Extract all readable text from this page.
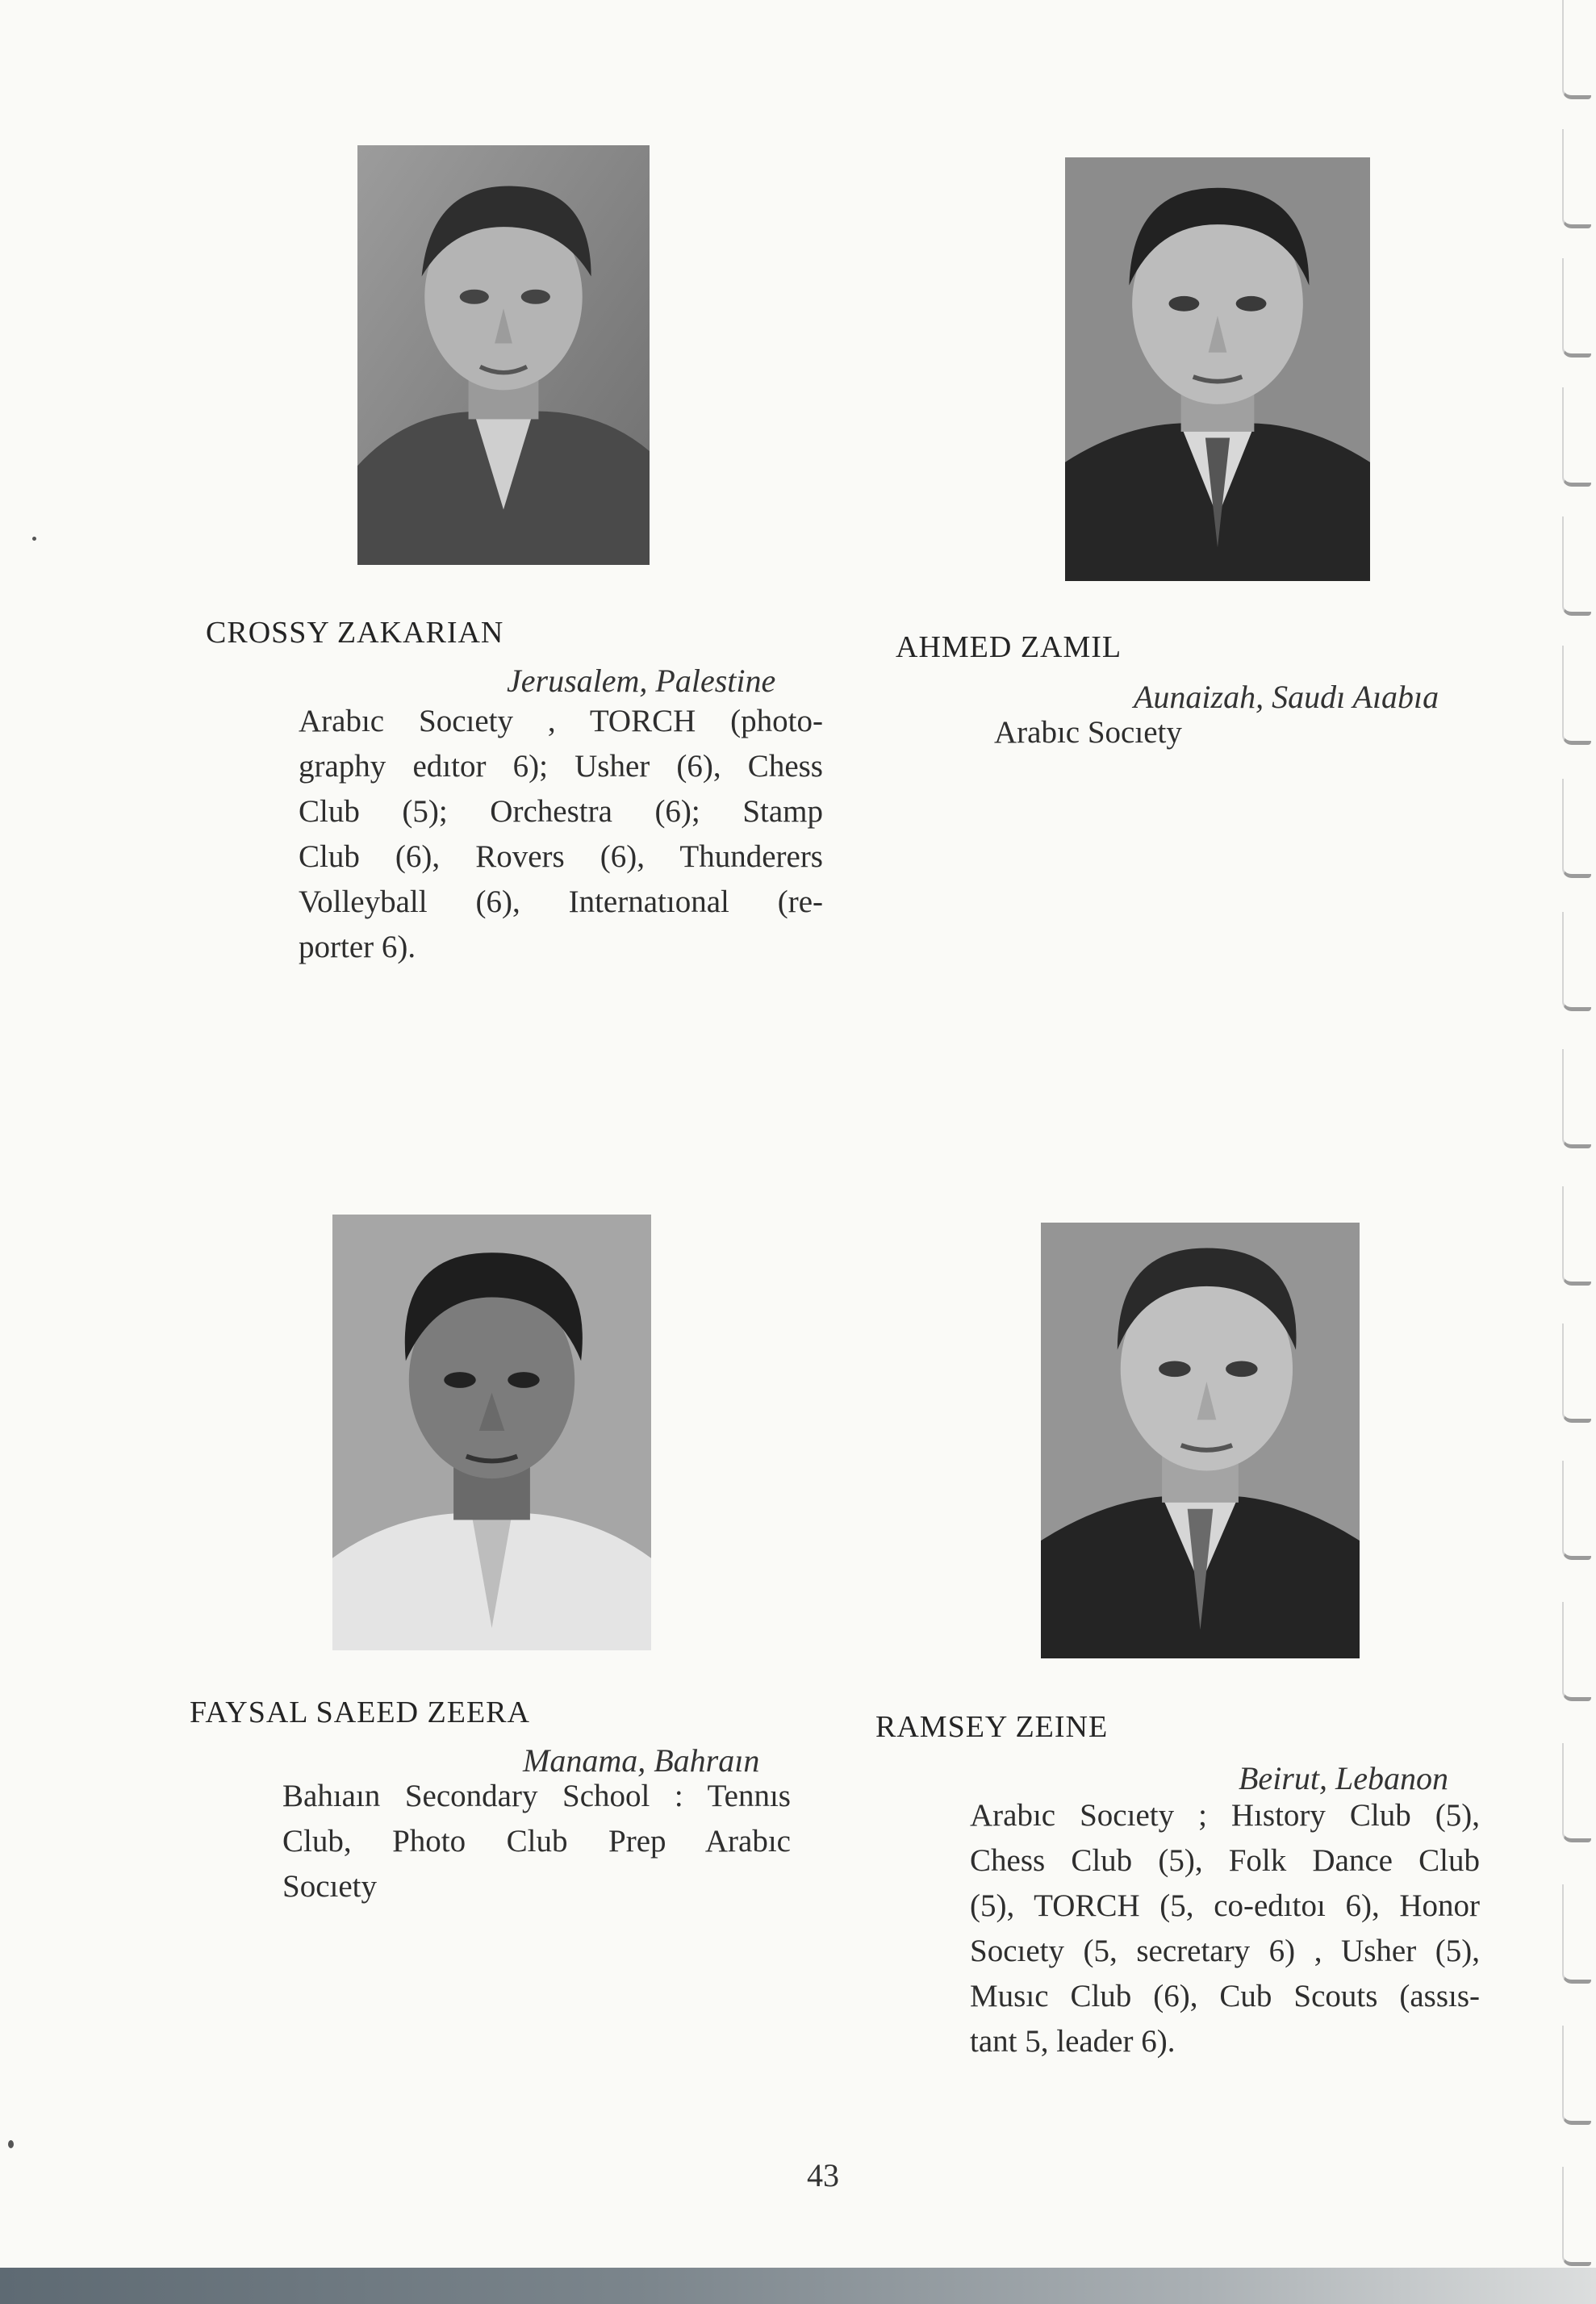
CROSSY ZAKARIAN
Jerusalem, Palestine
Arabıc Socıety , TORCH (photo-
graphy edıtor 6); Usher (6), Chess
Club (5); Orchestra (6); Stamp
Club (6), Rovers (6), Thunderers
Volleyball (6), Internatıonal (re-
porter 6).
AHMED ZAMIL
Aunaizah, Saudı Aıabıa
Arabıc Socıety
FAYSAL SAEED ZEERA
Manama, Bahraın
Bahıaın Secondary School : Tennıs
Club, Photo Club Prep Arabıc
Socıety
RAMSEY ZEINE
Beirut, Lebanon
Arabıc Socıety ; Hıstory Club (5),
Chess Club (5), Folk Dance Club
(5), TORCH (5, co-edıtoı 6), Honor
Socıety (5, secretary 6) , Usher (5),
Musıc Club (6), Cub Scouts (assıs-
tant 5, leader 6).
43
